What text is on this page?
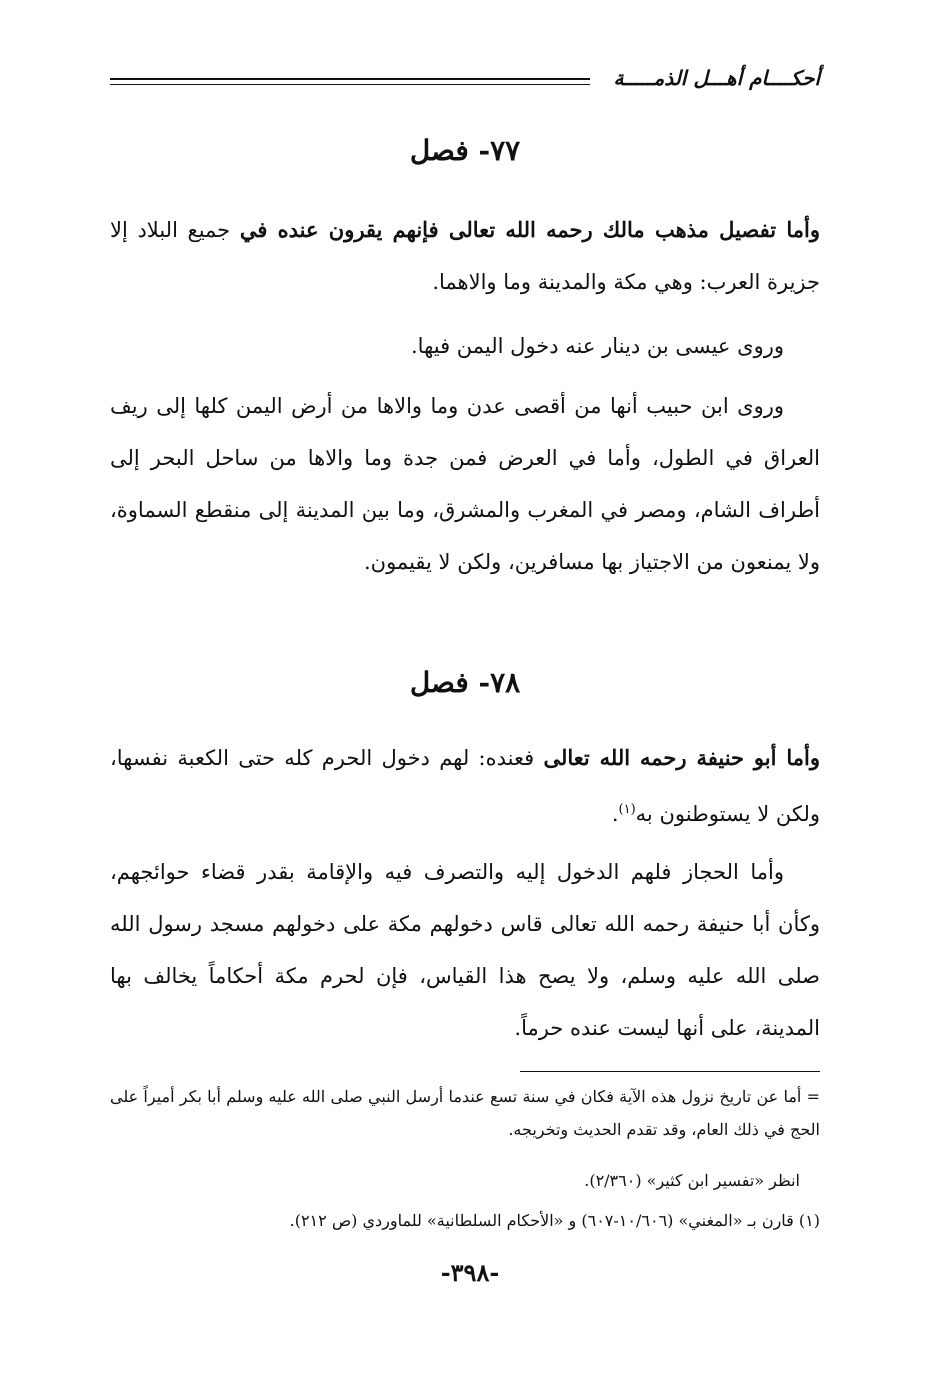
أحكــــام أهـــل الذمـــــة
٧٧- فصل

وأما تفصيل مذهب مالك رحمه الله تعالى فإنهم يقرون عنده في جميع البلاد إلا جزيرة العرب: وهي مكة والمدينة وما والاهما.

وروى عيسى بن دينار عنه دخول اليمن فيها.

وروى ابن حبيب أنها من أقصى عدن وما والاها من أرض اليمن كلها إلى ريف العراق في الطول، وأما في العرض فمن جدة وما والاها من ساحل البحر إلى أطراف الشام، ومصر في المغرب والمشرق، وما بين المدينة إلى منقطع السماوة، ولا يمنعون من الاجتياز بها مسافرين، ولكن لا يقيمون.

٧٨- فصل

وأما أبو حنيفة رحمه الله تعالى فعنده: لهم دخول الحرم كله حتى الكعبة نفسها، ولكن لا يستوطنون به$^{(١)}$.

وأما الحجاز فلهم الدخول إليه والتصرف فيه والإقامة بقدر قضاء حوائجهم، وكأن أبا حنيفة رحمه الله تعالى قاس دخولهم مكة على دخولهم مسجد رسول الله صلى الله عليه وسلم، ولا يصح هذا القياس، فإن لحرم مكة أحكاماً يخالف بها المدينة، على أنها ليست عنده حرماً.

= أما عن تاريخ نزول هذه الآية فكان في سنة تسع عندما أرسل النبي صلى الله عليه وسلم أبا بكر أميراً على الحج في ذلك العام، وقد تقدم الحديث وتخريجه.

انظر «تفسير ابن كثير» (٢/٣٦٠).

(١) قارن بـ «المغني» (١٠/٦٠٦-٦٠٧) و «الأحكام السلطانية» للماوردي (ص ٢١٢).

-٣٩٨-
